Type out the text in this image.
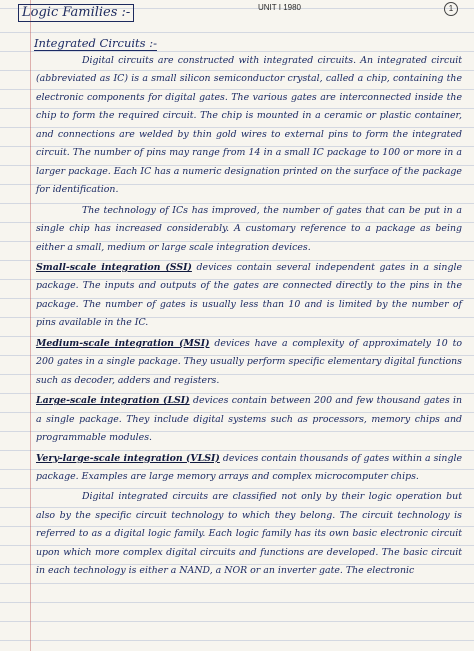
UNIT I 1980	1
Logic Families :-
Integrated Circuits :-

Digital circuits are constructed with integrated circuits. An integrated circuit (abbreviated as IC) is a small silicon semiconductor crystal, called a chip, containing the electronic components for digital gates. The various gates are interconnected inside the chip to form the required circuit. The chip is mounted in a ceramic or plastic container, and connections are welded by thin gold wires to external pins to form the integrated circuit. The number of pins may range from 14 in a small IC package to 100 or more in a larger package. Each IC has a numeric designation printed on the surface of the package for identification.

The technology of ICs has improved, the number of gates that can be put in a single chip has increased considerably. A customary reference to a package as being either a small, medium or large scale integration devices.

Small-scale integration (SSI) devices contain several independent gates in a single package. The inputs and outputs of the gates are connected directly to the pins in the package. The number of gates is usually less than 10 and is limited by the number of pins available in the IC.

Medium-scale integration (MSI) devices have a complexity of approximately 10 to 200 gates in a single package. They usually perform specific elementary digital functions such as decoder, adders and registers.

Large-scale integration (LSI) devices contain between 200 and few thousand gates in a single package. They include digital systems such as processors, memory chips and programmable modules.

Very-large-scale integration (VLSI) devices contain thousands of gates within a single package. Examples are large memory arrays and complex microcomputer chips.

Digital integrated circuits are classified not only by their logic operation but also by the specific circuit technology to which they belong. The circuit technology is referred to as a digital logic family. Each logic family has its own basic electronic circuit upon which more complex digital circuits and functions are developed. The basic circuit in each technology is either a NAND, a NOR or an inverter gate. The electronic
